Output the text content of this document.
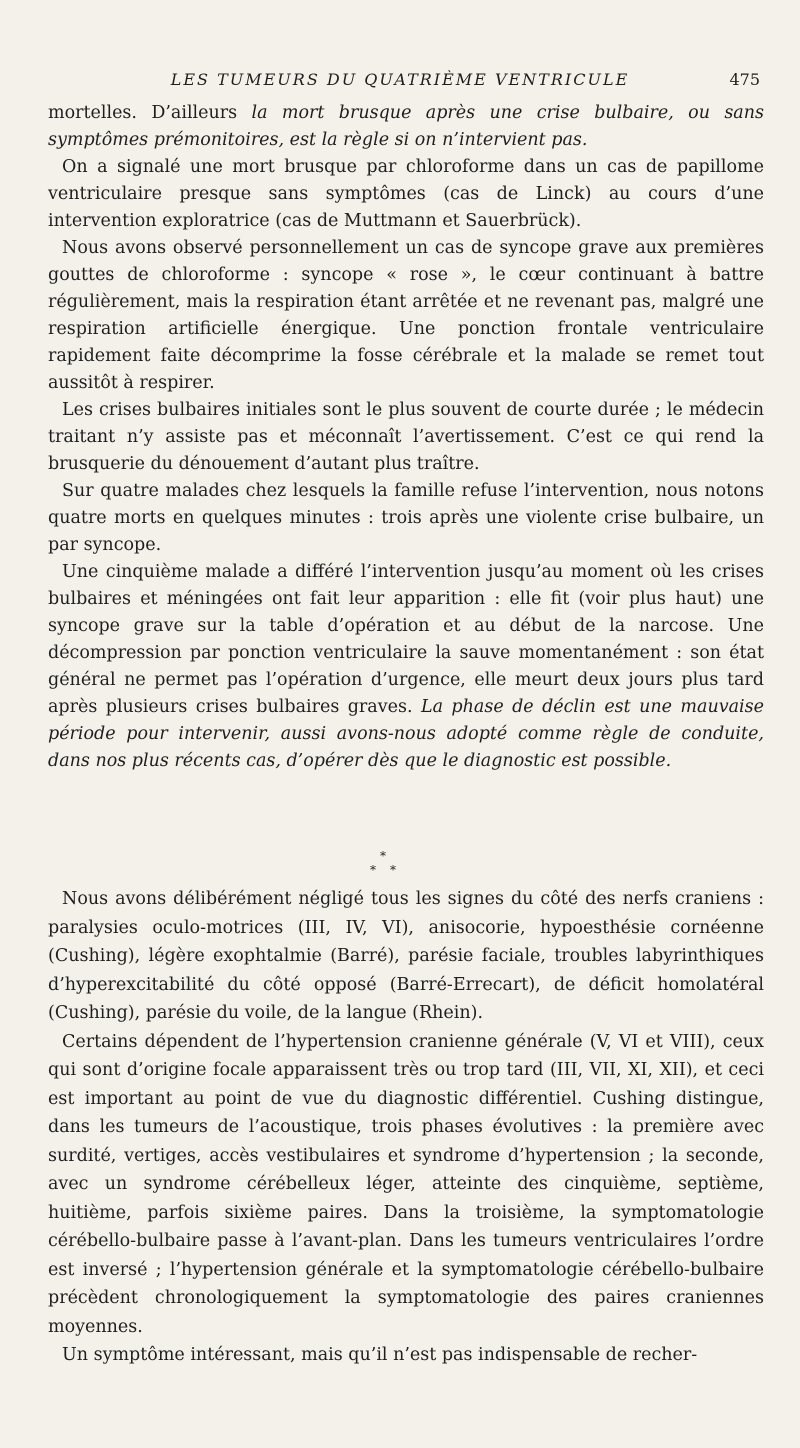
LES TUMEURS DU QUATRIÈME VENTRICULE	475

mortelles. D’ailleurs la mort brusque après une crise bulbaire, ou sans symptômes prémonitoires, est la règle si on n’intervient pas.

On a signalé une mort brusque par chloroforme dans un cas de papillome ventriculaire presque sans symptômes (cas de Linck) au cours d’une intervention exploratrice (cas de Muttmann et Sauerbrück).

Nous avons observé personnellement un cas de syncope grave aux premières gouttes de chloroforme : syncope « rose », le cœur continuant à battre régulièrement, mais la respiration étant arrêtée et ne revenant pas, malgré une respiration artificielle énergique. Une ponction frontale ventriculaire rapidement faite décomprime la fosse cérébrale et la malade se remet tout aussitôt à respirer.

Les crises bulbaires initiales sont le plus souvent de courte durée ; le médecin traitant n’y assiste pas et méconnaît l’avertissement. C’est ce qui rend la brusquerie du dénouement d’autant plus traître.

Sur quatre malades chez lesquels la famille refuse l’intervention, nous notons quatre morts en quelques minutes : trois après une violente crise bulbaire, un par syncope.

Une cinquième malade a différé l’intervention jusqu’au moment où les crises bulbaires et méningées ont fait leur apparition : elle fit (voir plus haut) une syncope grave sur la table d’opération et au début de la narcose. Une décompression par ponction ventriculaire la sauve momentanément : son état général ne permet pas l’opération d’urgence, elle meurt deux jours plus tard après plusieurs crises bulbaires graves. La phase de déclin est une mauvaise période pour intervenir, aussi avons-nous adopté comme règle de conduite, dans nos plus récents cas, d’opérer dès que le diagnostic est possible.

*
* *

Nous avons délibérément négligé tous les signes du côté des nerfs craniens : paralysies oculo-motrices (III, IV, VI), anisocorie, hypoesthésie cornéenne (Cushing), légère exophtalmie (Barré), parésie faciale, troubles labyrinthiques d’hyperexcitabilité du côté opposé (Barré-Errecart), de déficit homolatéral (Cushing), parésie du voile, de la langue (Rhein).

Certains dépendent de l’hypertension cranienne générale (V, VI et VIII), ceux qui sont d’origine focale apparaissent très ou trop tard (III, VII, XI, XII), et ceci est important au point de vue du diagnostic différentiel. Cushing distingue, dans les tumeurs de l’acoustique, trois phases évolutives : la première avec surdité, vertiges, accès vestibulaires et syndrome d’hypertension ; la seconde, avec un syndrome cérébelleux léger, atteinte des cinquième, septième, huitième, parfois sixième paires. Dans la troisième, la symptomatologie cérébello-bulbaire passe à l’avant-plan. Dans les tumeurs ventriculaires l’ordre est inversé ; l’hypertension générale et la symptomatologie cérébello-bulbaire précèdent chronologiquement la symptomatologie des paires craniennes moyennes.

Un symptôme intéressant, mais qu’il n’est pas indispensable de recher-
